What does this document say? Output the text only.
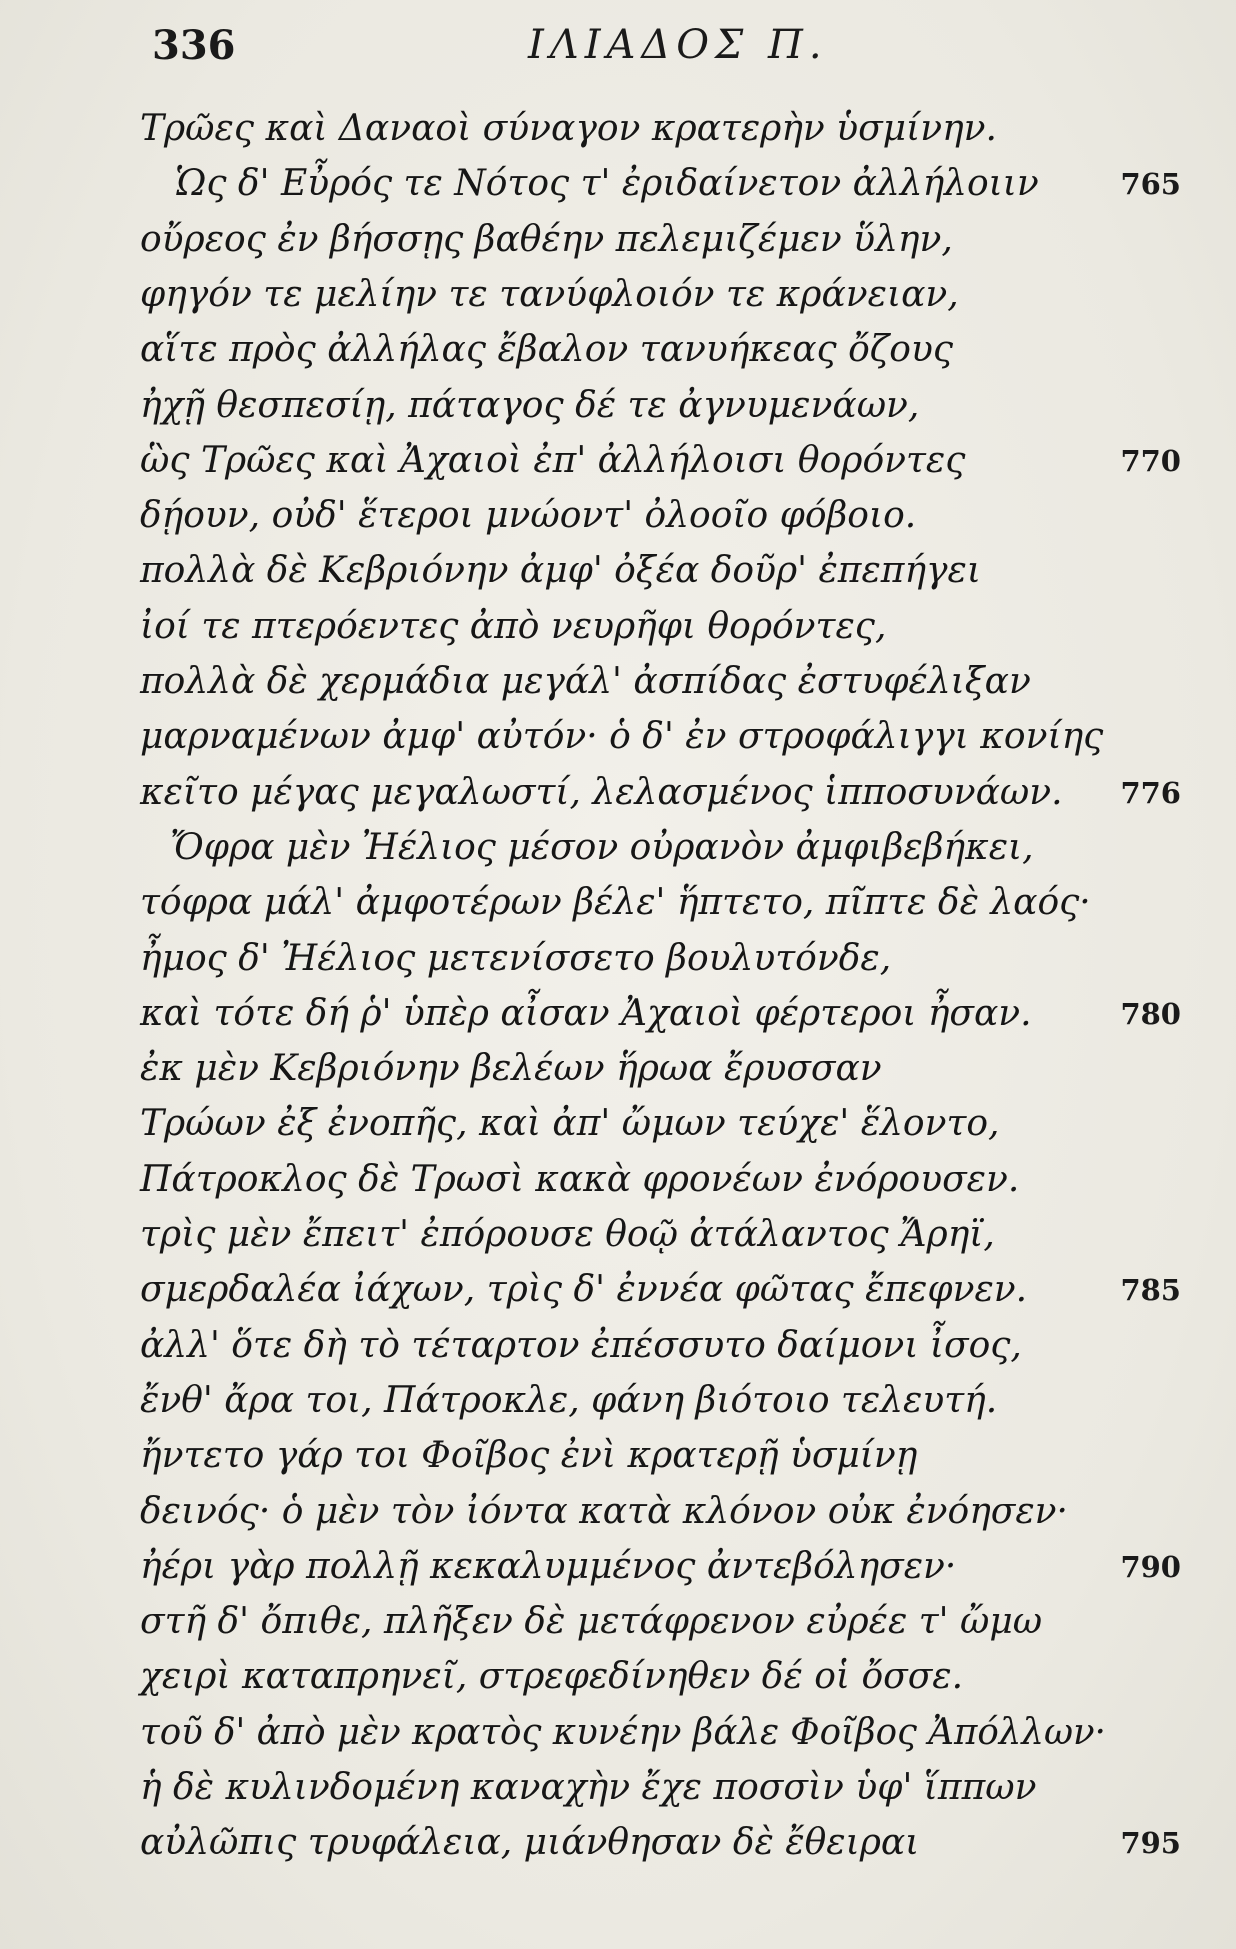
336	ΙΛΙΑΔΟΣ Π.
Τρῶες καὶ Δαναοὶ σύναγον κρατερὴν ὑσμίνην.
Ὡς δ' Εὖρός τε Νότος τ' ἐριδαίνετον ἀλλήλοιιν	765
οὔρεος ἐν βήσσῃς βαθέην πελεμιζέμεν ὕλην,
φηγόν τε μελίην τε τανύφλοιόν τε κράνειαν,
αἵτε πρὸς ἀλλήλας ἔβαλον τανυήκεας ὄζους
ἠχῇ θεσπεσίῃ, πάταγος δέ τε ἀγνυμενάων,
ὣς Τρῶες καὶ Ἀχαιοὶ ἐπ' ἀλλήλοισι θορόντες	770
δῄουν, οὐδ' ἕτεροι μνώοντ' ὀλοοῖο φόβοιο.
πολλὰ δὲ Κεβριόνην ἀμφ' ὀξέα δοῦρ' ἐπεπήγει
ἰοί τε πτερόεντες ἀπὸ νευρῆφι θορόντες,
πολλὰ δὲ χερμάδια μεγάλ' ἀσπίδας ἐστυφέλιξαν
μαρναμένων ἀμφ' αὐτόν· ὁ δ' ἐν στροφάλιγγι κονίης
κεῖτο μέγας μεγαλωστί, λελασμένος ἱπποσυνάων. 776
Ὄφρα μὲν Ἠέλιος μέσον οὐρανὸν ἀμφιβεβήκει,
τόφρα μάλ' ἀμφοτέρων βέλε' ἥπτετο, πῖπτε δὲ λαός·
ἦμος δ' Ἠέλιος μετενίσσετο βουλυτόνδε,
καὶ τότε δή ῥ' ὑπὲρ αἶσαν Ἀχαιοὶ φέρτεροι ἦσαν.	780
ἐκ μὲν Κεβριόνην βελέων ἥρωα ἔρυσσαν
Τρώων ἐξ ἐνοπῆς, καὶ ἀπ' ὤμων τεύχε' ἕλοντο,
Πάτροκλος δὲ Τρωσὶ κακὰ φρονέων ἐνόρουσεν.
τρὶς μὲν ἔπειτ' ἐπόρουσε θοῷ ἀτάλαντος Ἄρηϊ,
σμερδαλέα ἰάχων, τρὶς δ' ἐννέα φῶτας ἔπεφνεν.	785
ἀλλ' ὅτε δὴ τὸ τέταρτον ἐπέσσυτο δαίμονι ἶσος,
ἔνθ' ἄρα τοι, Πάτροκλε, φάνη βιότοιο τελευτή.
ἤντετο γάρ τοι Φοῖβος ἐνὶ κρατερῇ ὑσμίνῃ
δεινός· ὁ μὲν τὸν ἰόντα κατὰ κλόνον οὐκ ἐνόησεν·
ἠέρι γὰρ πολλῇ κεκαλυμμένος ἀντεβόλησεν·	790
στῆ δ' ὄπιθε, πλῆξεν δὲ μετάφρενον εὐρέε τ' ὤμω
χειρὶ καταπρηνεῖ, στρεφεδίνηθεν δέ οἱ ὄσσε.
τοῦ δ' ἀπὸ μὲν κρατὸς κυνέην βάλε Φοῖβος Ἀπόλλων·
ἡ δὲ κυλινδομένη καναχὴν ἔχε ποσσὶν ὑφ' ἵππων
αὐλῶπις τρυφάλεια, μιάνθησαν δὲ ἔθειραι	795
